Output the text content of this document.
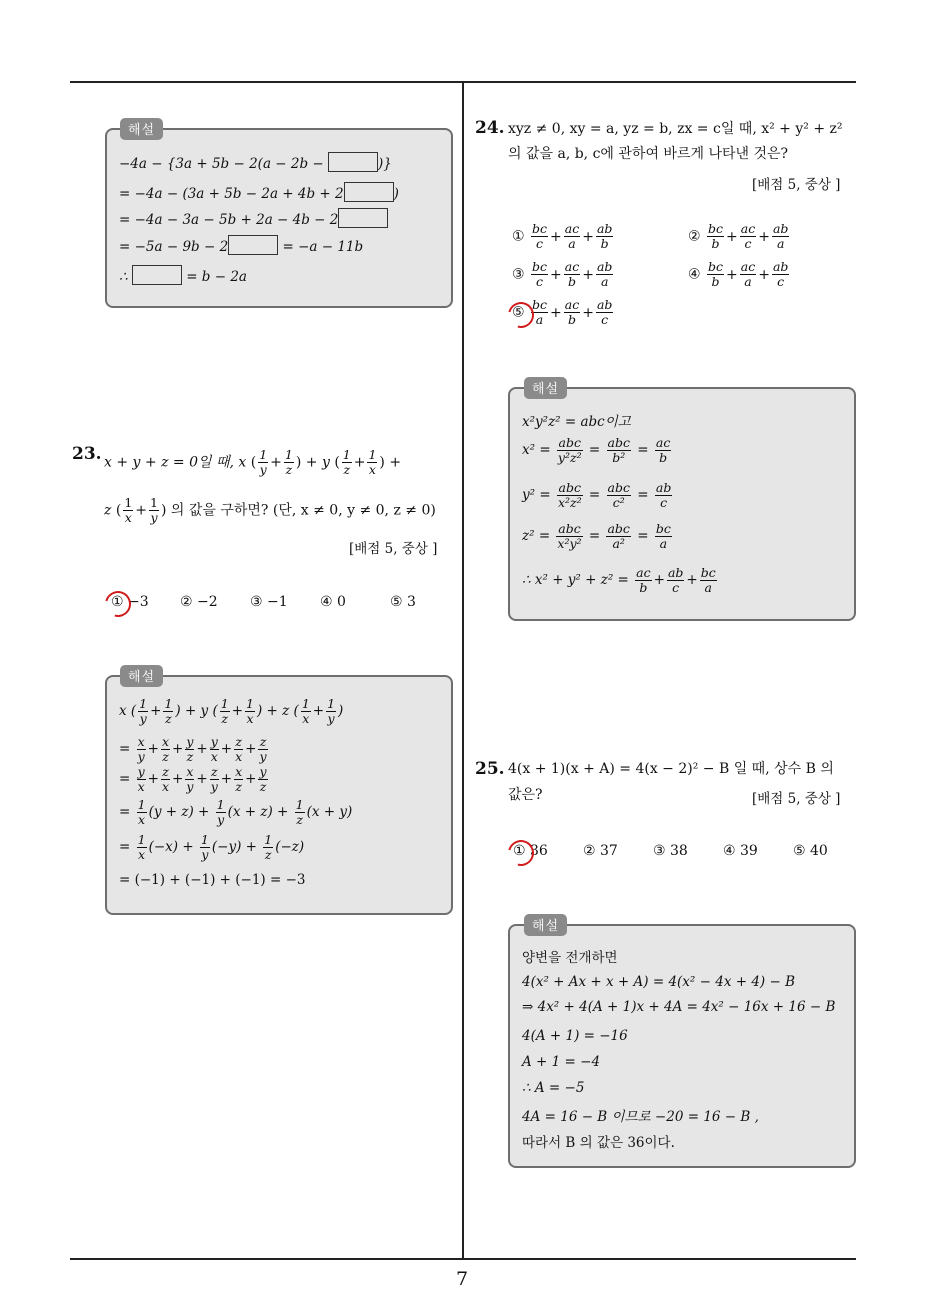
해설
−4a − {3a + 5b − 2(a − 2b −	)}
= −4a − (3a + 5b − 2a + 4b + 2	)
= −4a − 3a − 5b + 2a − 4b − 2
= −5a − 9b − 2	= −a − 11b
∴	= b − 2a
23. x + y + z = 0일 때, x ( $\frac{1}{y} + \frac{1}{z}$ ) + y ( $\frac{1}{z} + \frac{1}{x}$ ) +
z ( $\frac{1}{x} + \frac{1}{y}$ ) 의 값을 구하면? (단, x ≠ 0, y ≠ 0, z ≠ 0)
[배점 5, 중상 ]
① −3 ② −2 ③ −1 ④ 0	⑤ 3
해설
x ( $\frac{1}{y} + \frac{1}{z}$ ) + y ( $\frac{1}{z} + \frac{1}{x}$ ) + z ( $\frac{1}{x} + \frac{1}{y}$ )
= $\frac{x}{y} + \frac{x}{z} + \frac{y}{z} + \frac{y}{x} + \frac{z}{x} + \frac{z}{y}$
= $\frac{y}{x} + \frac{z}{x} + \frac{x}{y} + \frac{z}{y} + \frac{x}{z} + \frac{y}{z}$
= $\frac{1}{x} (y + z) + \frac{1}{y} (x + z) + \frac{1}{z} (x + y)$
= $\frac{1}{x} (-x) + \frac{1}{y} (-y) + \frac{1}{z} (-z)$
= (−1) + (−1) + (−1) = −3
24. xyz ≠ 0, xy = a, yz = b, zx = c일 때, x² + y² + z²
의 값을 a, b, c에 관하여 바르게 나타낸 것은?
[배점 5, 중상 ]
① $\frac{bc}{c} + \frac{ac}{a} + \frac{ab}{b}$	② $\frac{bc}{b} + \frac{ac}{c} + \frac{ab}{a}$
③ $\frac{bc}{c} + \frac{ac}{b} + \frac{ab}{a}$	④ $\frac{bc}{b} + \frac{ac}{a} + \frac{ab}{c}$
⑤ $\frac{bc}{a} + \frac{ac}{b} + \frac{ab}{c}$
해설
x²y²z² = abc이고
$x^2 = \frac{\text{abc}}{\text{y²z²}} = \frac{\text{abc}}{\text{b²}} = \frac{ac}{b}$
$y^2 = \frac{\text{abc}}{\text{x²z²}} = \frac{\text{abc}}{\text{c²}} = \frac{ab}{c}$
$z^2 = \frac{\text{abc}}{\text{x²y²}} = \frac{\text{abc}}{\text{a²}} = \frac{bc}{a}$
∴ $x^2 + y^2 + z^2 = \frac{ac}{b} + \frac{ab}{c} + \frac{bc}{a}$
25. 4(x + 1)(x + A) = 4(x − 2)² − B 일 때, 상수 B 의
값은?	[배점 5, 중상 ]
① 36	② 37	③ 38	④ 39	⑤ 40
해설
양변을 전개하면
4(x² + Ax + x + A) = 4(x² − 4x + 4) − B
⇒ 4x² + 4(A + 1)x + 4A = 4x² − 16x + 16 − B
4(A + 1) = −16
A + 1 = −4
∴ A = −5
4A = 16 − B 이므로 −20 = 16 − B ,
따라서 B 의 값은 36이다.
7
